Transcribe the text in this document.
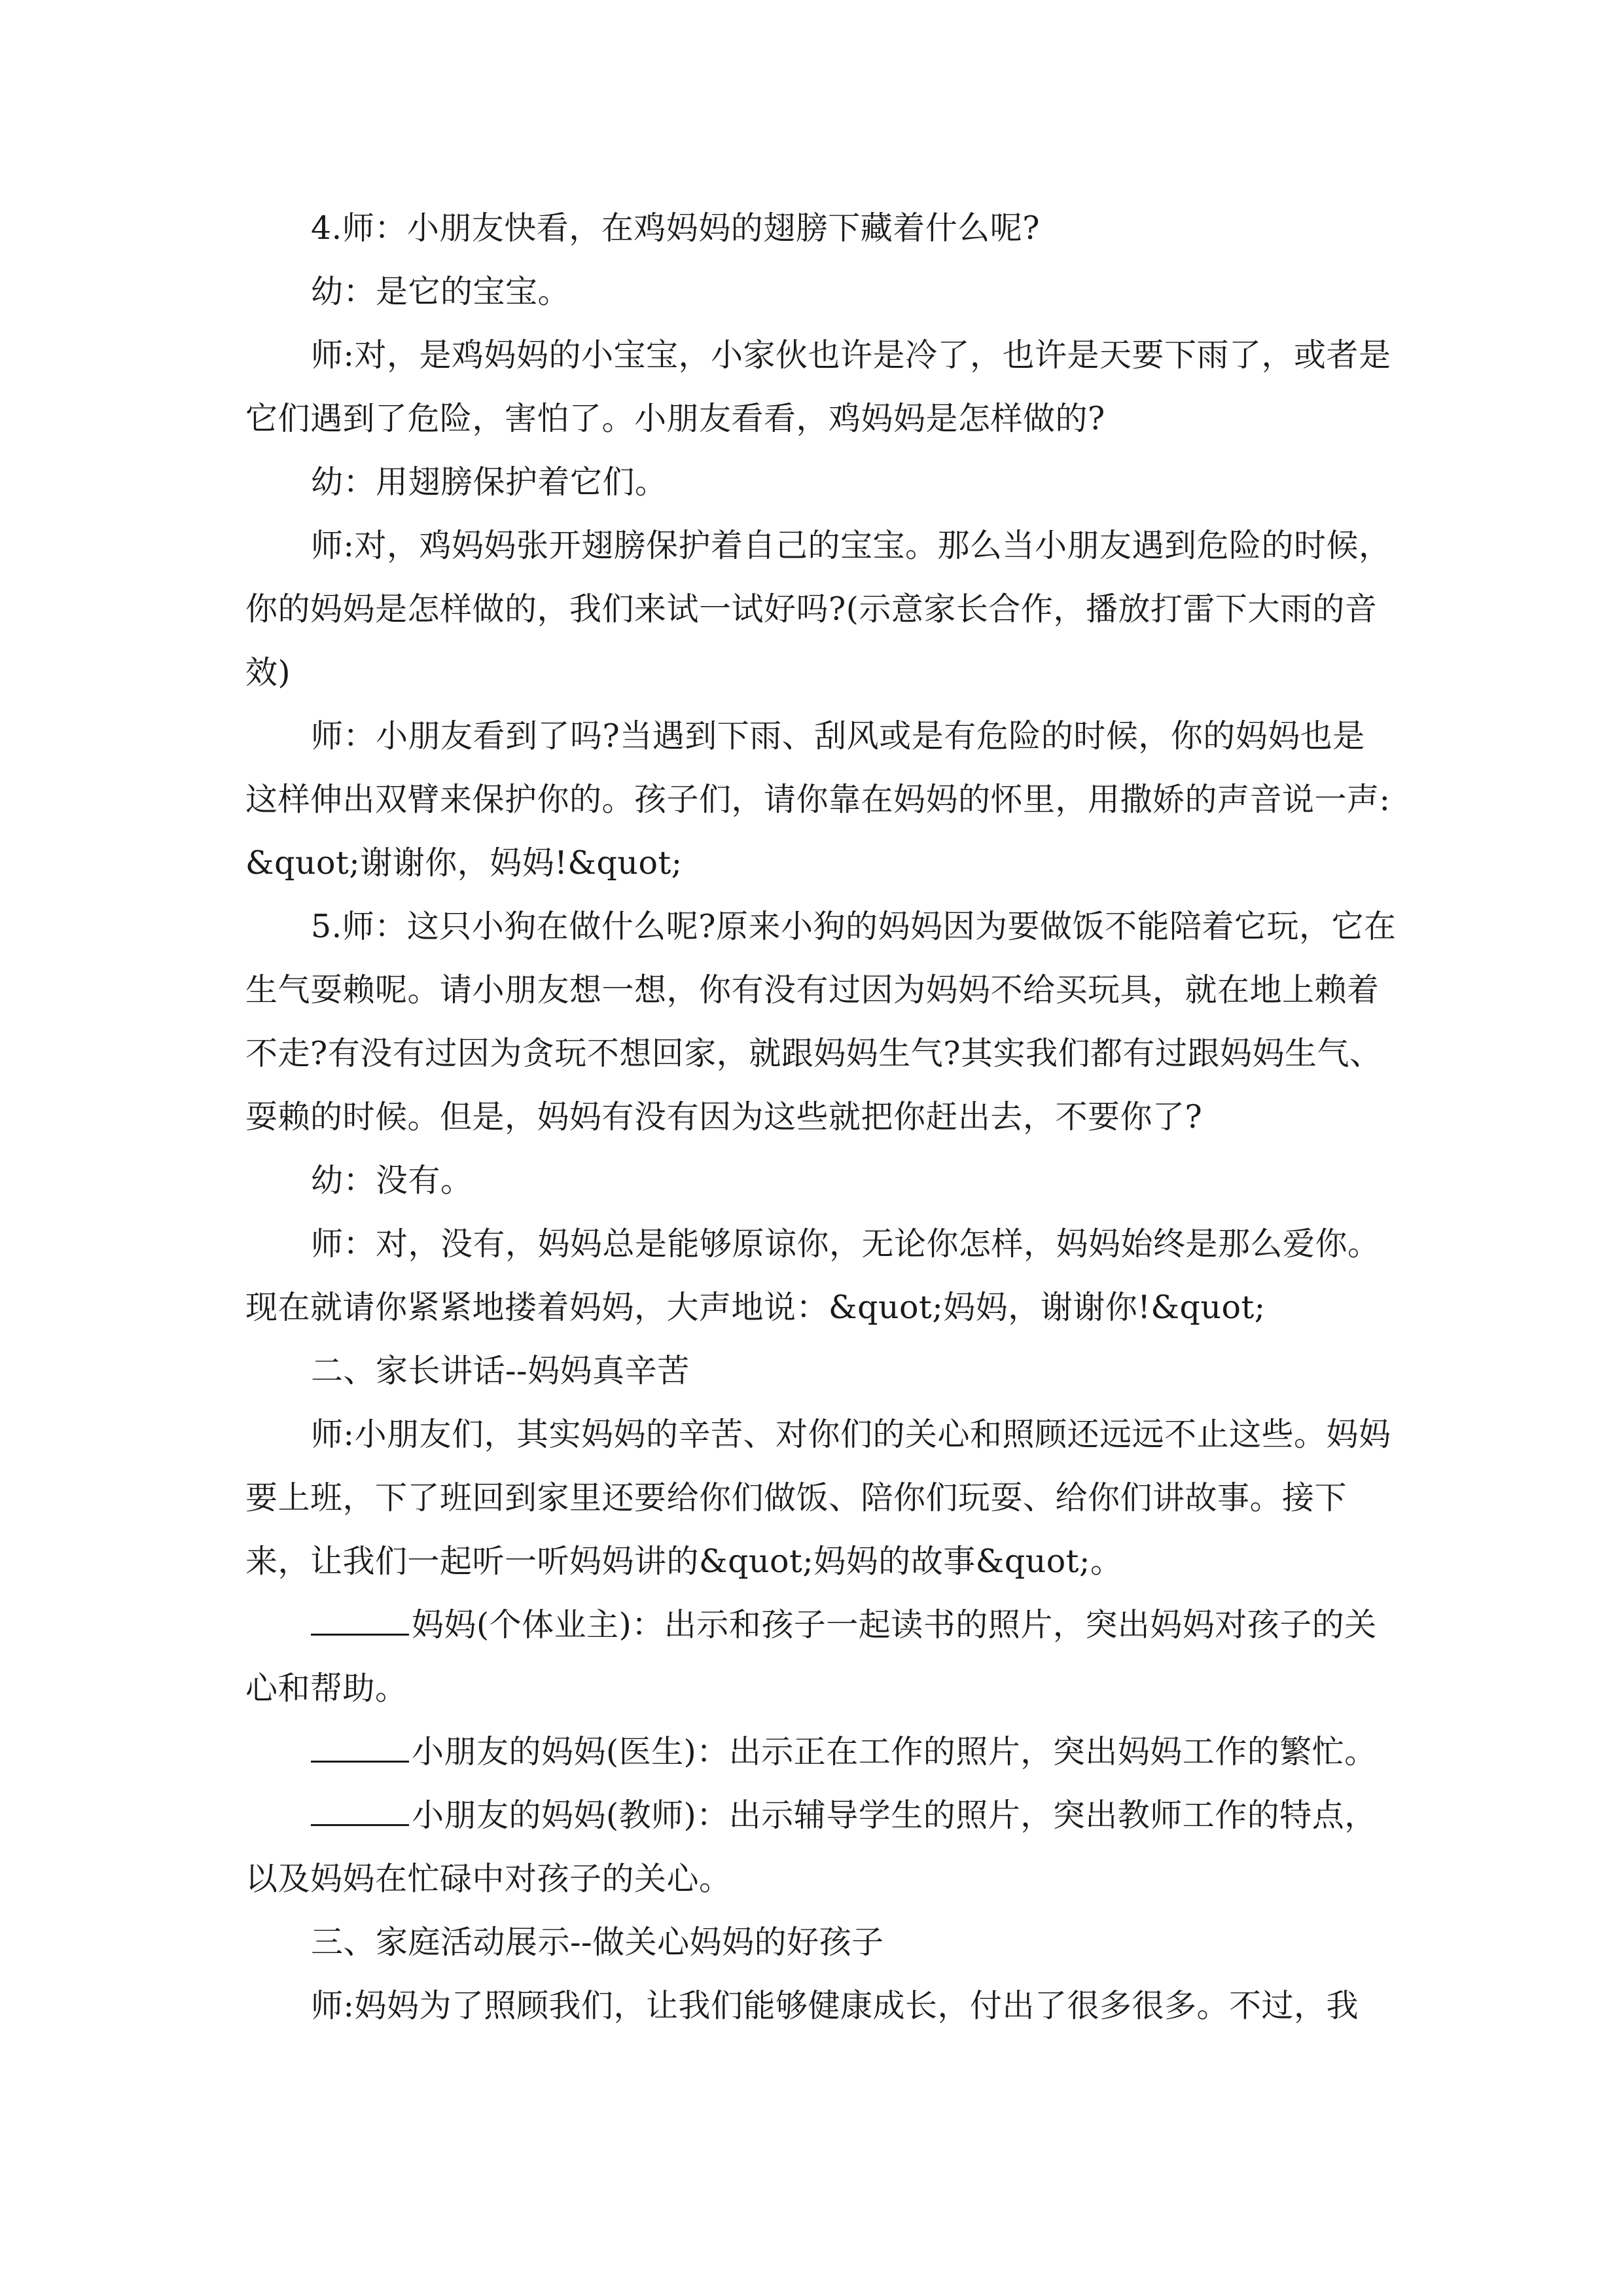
4.师：小朋友快看，在鸡妈妈的翅膀下藏着什么呢?

幼：是它的宝宝。

师:对，是鸡妈妈的小宝宝，小家伙也许是冷了，也许是天要下雨了，或者是它们遇到了危险，害怕了。小朋友看看，鸡妈妈是怎样做的?

幼：用翅膀保护着它们。

师:对，鸡妈妈张开翅膀保护着自己的宝宝。那么当小朋友遇到危险的时候，你的妈妈是怎样做的，我们来试一试好吗?(示意家长合作，播放打雷下大雨的音效)

师：小朋友看到了吗?当遇到下雨、刮风或是有危险的时候，你的妈妈也是这样伸出双臂来保护你的。孩子们，请你靠在妈妈的怀里，用撒娇的声音说一声:&quot;谢谢你，妈妈!&quot;

5.师：这只小狗在做什么呢?原来小狗的妈妈因为要做饭不能陪着它玩，它在生气耍赖呢。请小朋友想一想，你有没有过因为妈妈不给买玩具，就在地上赖着不走?有没有过因为贪玩不想回家，就跟妈妈生气?其实我们都有过跟妈妈生气、耍赖的时候。但是，妈妈有没有因为这些就把你赶出去，不要你了?

幼：没有。

师：对，没有，妈妈总是能够原谅你，无论你怎样，妈妈始终是那么爱你。现在就请你紧紧地搂着妈妈，大声地说：&quot;妈妈，谢谢你!&quot;

二、家长讲话--妈妈真辛苦

师:小朋友们，其实妈妈的辛苦、对你们的关心和照顾还远远不止这些。妈妈要上班，下了班回到家里还要给你们做饭、陪你们玩耍、给你们讲故事。接下来，让我们一起听一听妈妈讲的&quot;妈妈的故事&quot;。

妈妈(个体业主)：出示和孩子一起读书的照片，突出妈妈对孩子的关心和帮助。

小朋友的妈妈(医生)：出示正在工作的照片，突出妈妈工作的繁忙。

小朋友的妈妈(教师)：出示辅导学生的照片，突出教师工作的特点，以及妈妈在忙碌中对孩子的关心。

三、家庭活动展示--做关心妈妈的好孩子

师:妈妈为了照顾我们，让我们能够健康成长，付出了很多很多。不过，我
